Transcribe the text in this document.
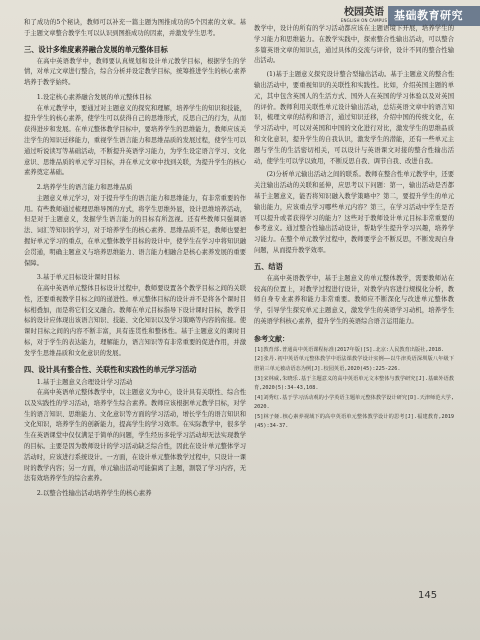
校园英语
ENGLISH ON CAMPUS 基础教育研究

和了成功的5个秘诀，教师可以补充一篇主题为图推成功的5个因素的文章。基于主题文章整合教学生可以认识到图推成功的因素，并激发学生思考。

三、设计多维度素养融合发展的单元整体目标

在高中英语教学中，教师要认真规划和设计单元教学目标，根据学生的学情，对单元文章进行整合，综合分析并设定教学目标，统筹推进学生的核心素养培养于教学始终。

1.设定核心素养融合发展的单元整体目标

在单元教学中，要通过对主题意义的探究和理解，培养学生的知识和技能，提升学生的核心素养，使学生可以获得自己的思维形式，反思自己的行为，从而获得进步和发展。在单元整体教学目标中，要培养学生的思维能力，教师应该关注学生的知识迁移能力，重视学生语言能力和思维品质的发展过程，使学生可以通过听说读写等基础活动，不断提升英语学习能力，为学生设定语言学习、文化意识、思维品质的单元学习目标，并在单元文章中找到关联，为提升学生的核心素养奠定基础。

2.培养学生的语言能力和思维品质

主题意义单元学习，对于提升学生的语言能力和思维能力，有非常重要的作用。有些教师通过梳理思维导图的方式，将学生思维外显，设计思维培养活动，但是对于主题意义，发掘学生语言能力的目标有所忽视。还有些教师只强调语法、词汇等知识的学习，对于培养学生的核心素养、思维品质不足，教师也要把握好单元学习的重点，在单元整体教学目标的设计中，使学生在学习中将知识融会贯通，明确主题意义与培养思维能力、语言能力相融合是核心素养发展的重要保障。

3.基于单元目标设计课时目标

在高中英语单元整体目标设计过程中，教师要设置各个教学目标之间的关联性，还要重视教学目标之间的递进性。单元整体目标的设计并不是将各个课时目标相叠加，而是将它们交叉融合。教师在单元目标指导下设计课时目标，教学目标的设计应体现出该语言知识、技能、文化知识以及学习策略等内容的衔接。使课时目标之间的内容不断丰富，具有连贯性和整体性。基于主题意义的课时目标，对于学生的表达能力，理解能力，语言知识等有非常重要的促进作用，并激发学生思维品质和文化意识的发展。

四、设计具有整合性、关联性和实践性的单元学习活动
1.基于主题意义合理设计学习活动

在高中英语单元整体教学中，以主题意义为中心，设计具有关联性、综合性以及实践性的学习活动，培养学生综合素养。教师应该根据单元教学目标，对学生的语言知识、思维能力、文化意识等方面的学习活动，增长学生的语言知识和文化知识，培养学生的创新能力，提高学生的学习效率。在实际教学中，很多学生在英语课堂中仅仅满足于简单的问题，学生经历多轮学习活动却无法实现教学的目标。主要是因为教师设计的学习活动缺乏综合性，因此在设计单元整体学习活动时，应该进行系统设计。一方面，在设计单元整体教学过程中，只设计一课时的教学内容；另一方面，单元输出活动可能偏离了主题，割裂了学习内容，无法有效培养学生的综合素养。

2.以整合性输出活动培养学生的核心素养

教学中，设计的所有的学习活动都应该在主题语境下开展，培养学生的学习能力和思维能力。在教学实践中，探索整合性输出活动，可以整合多篇英语文章的知识点，通过具体的交流与评价，设计不同的整合性输出活动。

(1)基于主题意义探究设计整合型输出活动。基于主题意义的整合性输出活动中，要重视知识的关联性和实践性。比如，介绍英国主题的单元，其中包含英国人的生活方式、国外人在英国的学习体验以及对英国的评价。教师利用关联性单元设计输出活动，总结英语文章中的语言知识，梳理文章的结构和语言，通过知识迁移，介绍中国的传统文化，在学习活动中，可以对英国和中国的文化进行对比，激发学生的思维品质和文化意识，提升学生的自我认识，激发学生的潜能，还有一些单元主题与学生的生活密切相关，可以设计与英语课文对接的整合性输出活动，使学生可以学以致用，不断反思自我、调节自我、改进自我。

(2)分析单元输出活动之间的联系。教师在整合性单元教学中，还要关注输出活动的关联和延伸，应思考以下问题：第一，输出活动是否都基于主题意义，能否将知识融入教学策略中？第二，要提升学生的单元输出能力，应该重点学习哪些单元内容？第三，在学习活动中学生是否可以提升或者获得学习的能力？这些对于教师设计单元目标非常重要的参考意义。通过整合性输出活动设计，帮助学生提升学习兴趣，培养学习能力。在整个单元教学过程中，教师要学会不断反思，不断发现自身问题，从而提升教学效率。

五、结语

在高中英语教学中，基于主题意义的单元整体教学，需要教师站在较高的位置上，对教学过程进行设计，对教学内容进行规模化分析，教师自身专业素养和能力非常重要。教师应不断深化与改进单元整体教学，引导学生探究单元主题意义，激发学生的英语学习动机，培养学生的英语学科核心素养，提升学生的英语综合语言运用能力。

参考文献：

[1]教育部.普通高中英语课程标准(2017年版)[S].北京:人民教育出版社,2018.

[2]张丹.初中英语单元整体教学中语法课教学设计实例——以牛津英语深圳版八年级下册第三单元被动语态为例[J].校园英语,2020(45):225-226.

[3]宋林威,朱晓乐.基于主题意义的高中英语单元文本整体与教学研究[J].基础外语教育,2020(5):34-43,108.

[4]刘秀红.基于学习活动观的小学英语主题单元整体教学设计研究[D].天津师范大学,2020.

[5]林子娅.核心素养视域下的高中英语单元整体教学设计的思考[J].福建教育,2019(45):34-37.

145
